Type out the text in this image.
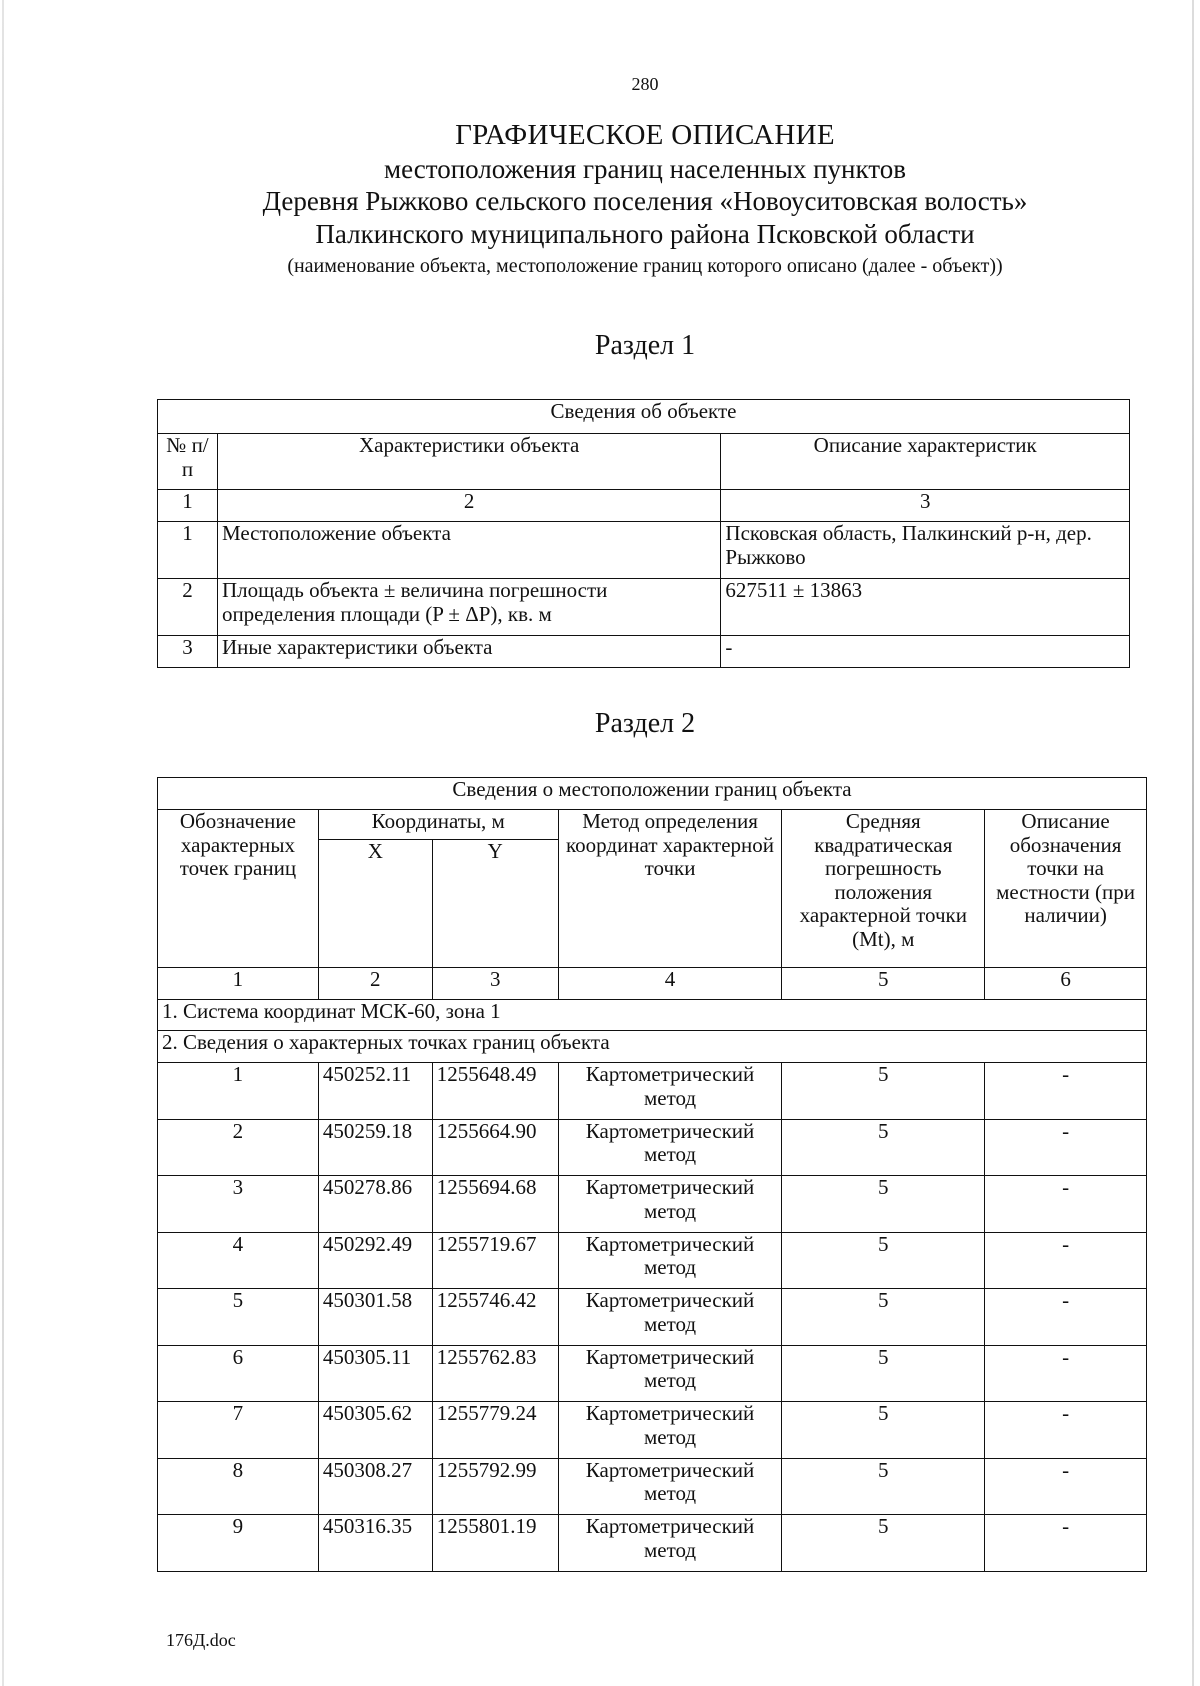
280
ГРАФИЧЕСКОЕ ОПИСАНИЕ
местоположения границ населенных пунктов
Деревня Рыжково сельского поселения «Новоуситовская волость»
Палкинского муниципального района Псковской области
(наименование объекта, местоположение границ которого описано (далее - объект))
Раздел 1
Сведения об объекте		
№ п/п	Характеристики объекта	Описание характеристик
1	2	3
1	Местоположение объекта	Псковская область, Палкинский р-н, дер. Рыжково
2	Площадь объекта ± величина погрешности определения площади (P ± ΔP), кв. м	627511 ± 13863
3	Иные характеристики объекта	-
Раздел 2
Сведения о местоположении границ объекта					
Обозначение характерных точек границ	Координаты, м		Метод определения координат характерной точки	Средняя квадратическая погрешность положения характерной точки (Mt), м	Описание обозначения точки на местности (при наличии)
	X	Y			
1	2	3	4	5	6
1. Система координат МСК-60, зона 1					
2. Сведения о характерных точках границ объекта					
1	450252.11	1255648.49	Картометрический метод	5	-
2	450259.18	1255664.90	Картометрический метод	5	-
3	450278.86	1255694.68	Картометрический метод	5	-
4	450292.49	1255719.67	Картометрический метод	5	-
5	450301.58	1255746.42	Картометрический метод	5	-
6	450305.11	1255762.83	Картометрический метод	5	-
7	450305.62	1255779.24	Картометрический метод	5	-
8	450308.27	1255792.99	Картометрический метод	5	-
9	450316.35	1255801.19	Картометрический метод	5	-
176Д.doc
